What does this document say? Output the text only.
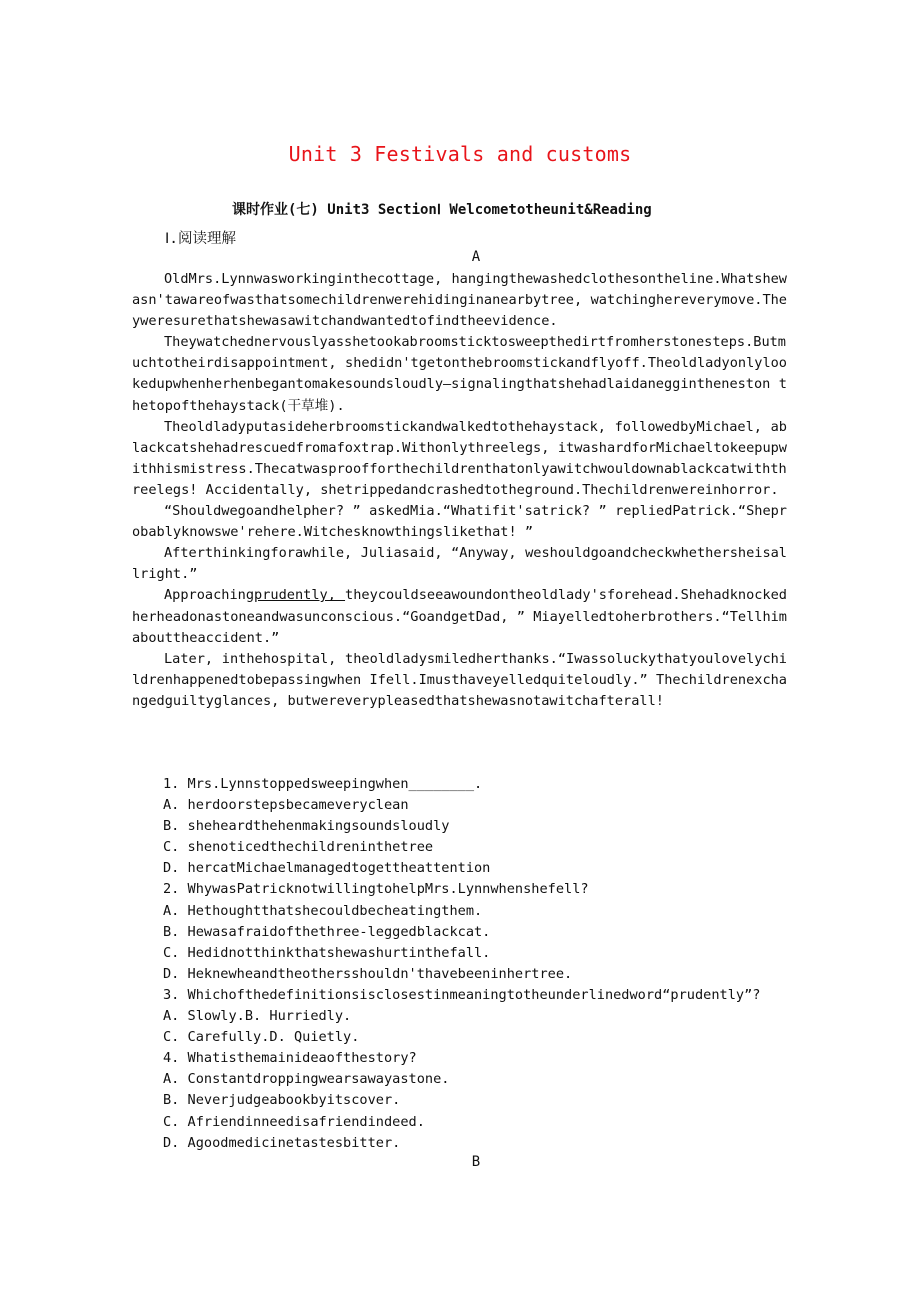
Unit 3 Festivals and customs
课时作业(七) Unit3 SectionⅠ Welcometotheunit&Reading
Ⅰ.阅读理解
A

OldMrs.Lynnwasworkinginthecottage, hangingthewashedclothesontheline.Whatshewasn'tawareofwasthatsomechildrenwerehidinginanearbytree, watchinghereverymove.Theyweresurethatshewasawitchandwantedtofindtheevidence.

Theywatchednervouslyasshetookabroomsticktosweepthedirtfromherstonesteps.Butmuchtotheirdisappointment, shedidn'tgetonthebroomstickandflyoff.Theoldladyonlylookedupwhenherhenbegantomakesoundsloudly—signalingthatshehadlaidaneggintheneston thetopofthehaystack(干草堆).

Theoldladyputasideherbroomstickandwalkedtothehaystack, followedbyMichael, ablackcatshehadrescuedfromafoxtrap.Withonlythreelegs, itwashardforMichaeltokeepupwithhismistress.Thecatwasproofforthechildrenthatonlyawitchwouldownablackcatwiththreelegs! Accidentally, shetrippedandcrashedtotheground.Thechildrenwereinhorror.

“Shouldwegoandhelpher? ” askedMia.“Whatifit'satrick? ” repliedPatrick.“Sheprobablyknowswe'rehere.Witchesknowthingslikethat! ”

Afterthinkingforawhile, Juliasaid, “Anyway, weshouldgoandcheckwhethersheisallright.”

Approachingprudently, theycouldseeawoundontheoldlady'sforehead.Shehadknockedherheadonastoneandwasunconscious.“GoandgetDad, ” Miayelledtoherbrothers.“Tellhimabouttheaccident.”

Later, inthehospital, theoldladysmiledherthanks.“Iwassoluckythatyoulovelychildrenhappenedtobepassingwhen Ifell.Imusthaveyelledquiteloudly.” Thechildrenexchangedguiltyglances, butwereverypleasedthatshewasnotawitchafterall!

1. Mrs.Lynnstoppedsweepingwhen________.
A. herdoorstepsbecameveryclean
B. sheheardthehenmakingsoundsloudly
C. shenoticedthechildreninthetree
D. hercatMichaelmanagedtogettheattention
2. WhywasPatricknotwillingtohelpMrs.Lynnwhenshefell?
A. Hethoughtthatshecouldbecheatingthem.
B. Hewasafraidofthethree-leggedblackcat.
C. Hedidnotthinkthatshewashurtinthefall.
D. Heknewheandtheothersshouldn'thavebeeninhertree.
3. Whichofthedefinitionsisclosestinmeaningtotheunderlinedword“prudently”?
A. Slowly.B. Hurriedly.
C. Carefully.D. Quietly.
4. Whatisthemainideaofthestory?
A. Constantdroppingwearsawayastone.
B. Neverjudgeabookbyitscover.
C. Afriendinneedisafriendindeed.
D. Agoodmedicinetastesbitter.
B
